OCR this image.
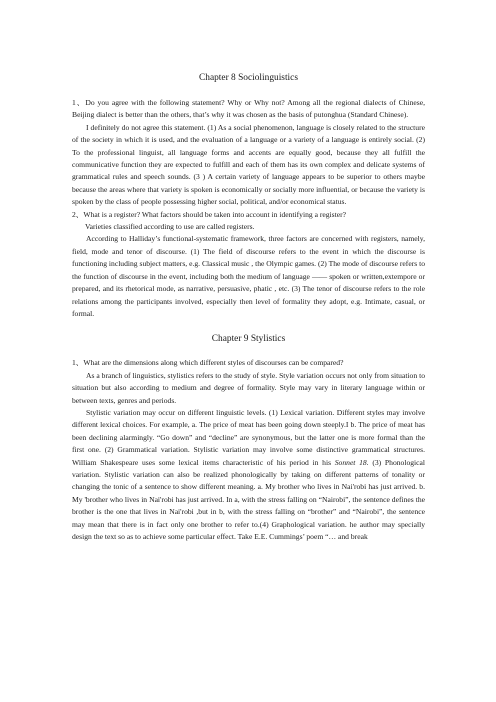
Chapter 8 Sociolinguistics

1、Do you agree with the following statement? Why or Why not? Among all the regional dialects of Chinese, Beijing dialect is better than the others, that’s why it was chosen as the basis of putonghua (Standard Chinese).

I definitely do not agree this statement. (1) As a social phenomenon, language is closely related to the structure of the society in which it is used, and the evaluation of a language or a variety of a language is entirely social. (2) To the professional linguist, all language forms and accents are equally good, because they all fulfill the communicative function they are expected to fulfill and each of them has its own complex and delicate systems of grammatical rules and speech sounds. (3 ) A certain variety of language appears to be superior to others maybe because the areas where that variety is spoken is economically or socially more influential, or because the variety is spoken by the class of people possessing higher social, political, and/or economical status.

2、What is a register? What factors should be taken into account in identifying a register?

Varieties classified according to use are called registers.

According to Halliday’s functional-systematic framework, three factors are concerned with registers, namely, field, mode and tenor of discourse. (1) The field of discourse refers to the event in which the discourse is functioning including subject matters, e.g. Classical music , the Olympic games. (2) The mode of discourse refers to the function of discourse in the event, including both the medium of language —— spoken or written,extempore or prepared, and its rhetorical mode, as narrative, persuasive, phatic , etc. (3) The tenor of discourse refers to the role relations among the participants involved, especially then level of formality they adopt, e.g. Intimate, casual, or formal.

Chapter 9 Stylistics

1、What are the dimensions along which different styles of discourses can be compared?

As a branch of linguistics, stylistics refers to the study of style. Style variation occurs not only from situation to situation but also according to medium and degree of formality. Style may vary in literary language within or between texts, genres and periods.

Stylistic variation may occur on different linguistic levels. (1) Lexical variation. Different styles may involve different lexical choices. For example, a. The price of meat has been going down steeply.I b. The price of meat has been declining alarmingly. “Go down” and “decline” are synonymous, but the latter one is more formal than the first one. (2) Grammatical variation. Stylistic variation may involve some distinctive grammatical structures. William Shakespeare uses some lexical items characteristic of his period in his Sonnet 18. (3) Phonological variation. Stylistic variation can also be realized phonologically by taking on different patterns of tonality or changing the tonic of a sentence to show different meaning. a. My brother who lives in Nai'robi has just arrived. b. My 'brother who lives in Nai'robi has just arrived. In a, with the stress falling on “Nairobi”, the sentence defines the brother is the one that lives in Nai'robi ,but in b, with the stress falling on “brother” and “Nairobi”, the sentence may mean that there is in fact only one brother to refer to.(4) Graphological variation. he author may specially design the text so as to achieve some particular effect. Take E.E. Cummings’ poem “… and break
